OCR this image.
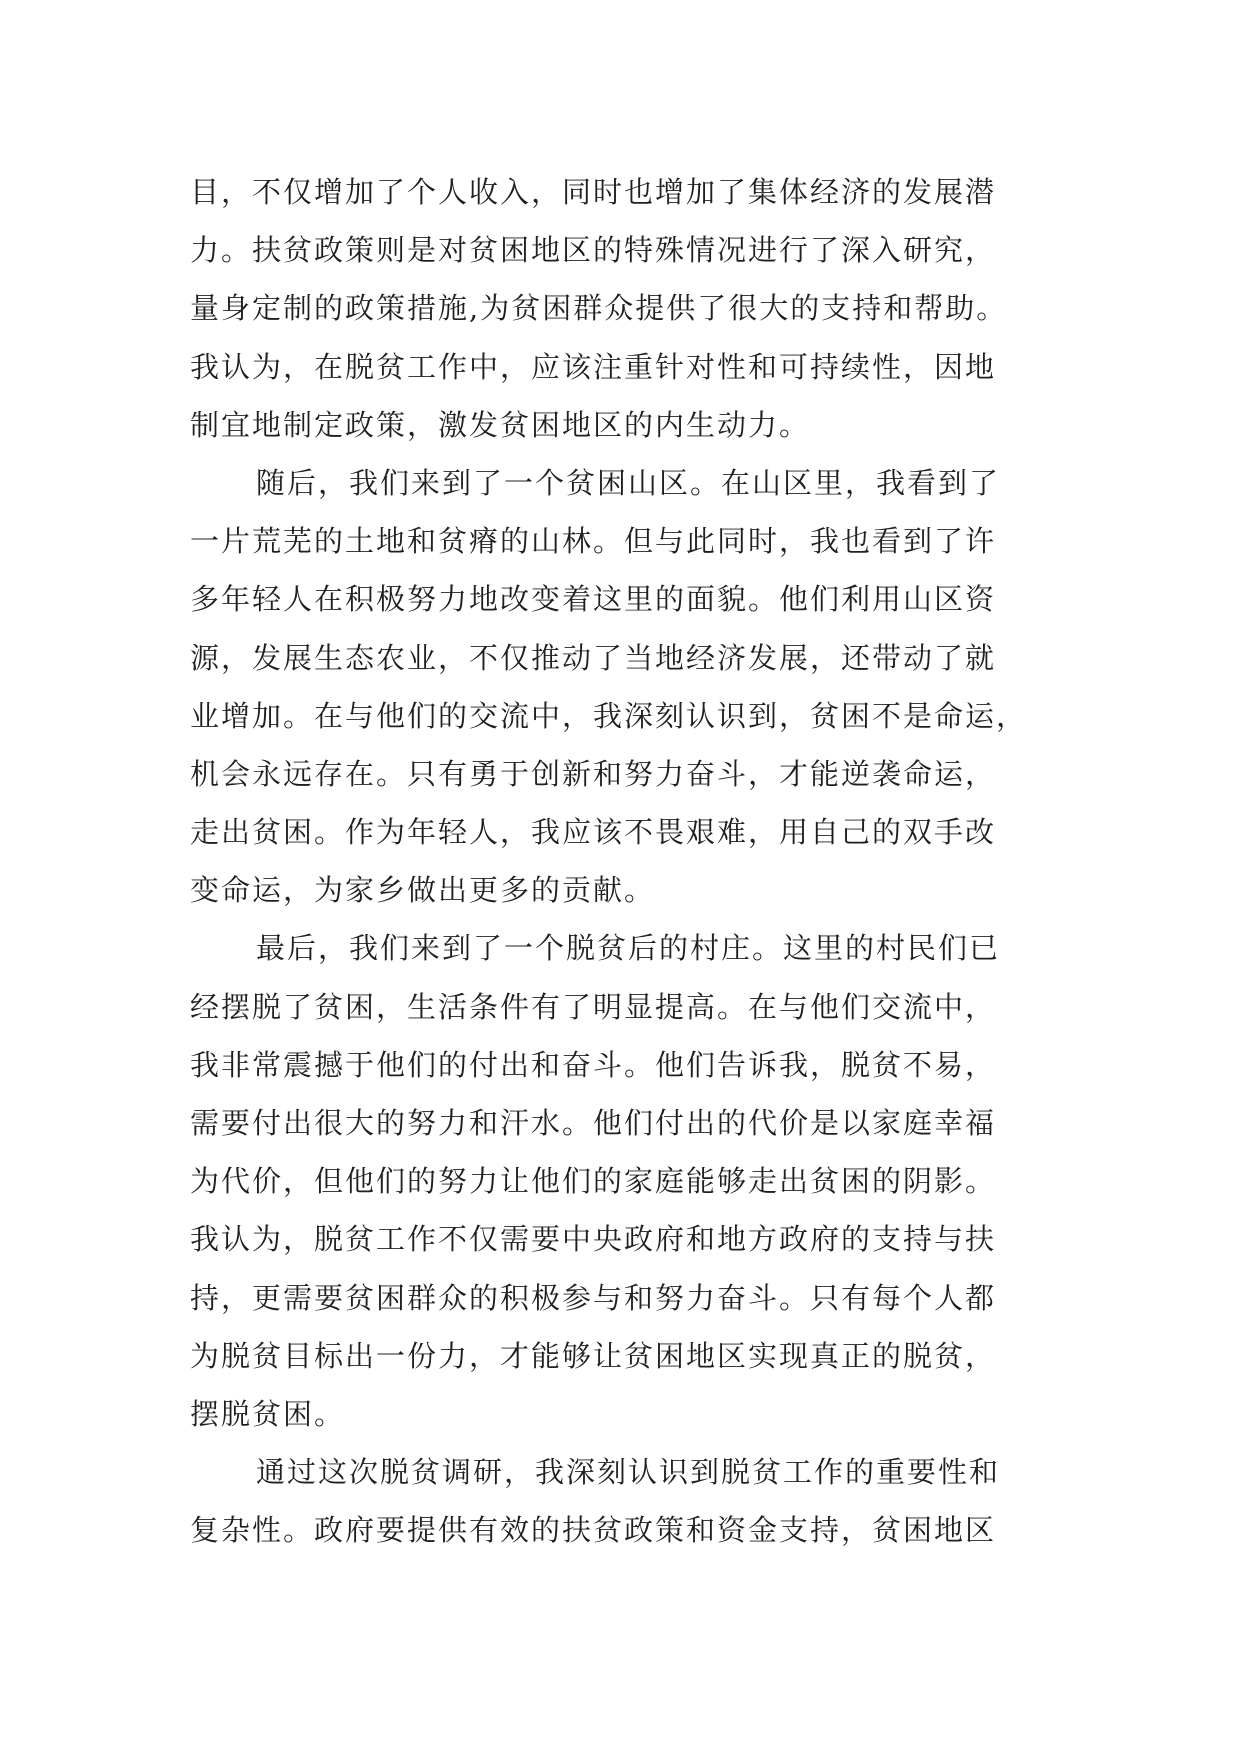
目，不仅增加了个人收入，同时也增加了集体经济的发展潜
力。扶贫政策则是对贫困地区的特殊情况进行了深入研究，
量身定制的政策措施,为贫困群众提供了很大的支持和帮助。
我认为，在脱贫工作中，应该注重针对性和可持续性，因地
制宜地制定政策，激发贫困地区的内生动力。
随后，我们来到了一个贫困山区。在山区里，我看到了
一片荒芜的土地和贫瘠的山林。但与此同时，我也看到了许
多年轻人在积极努力地改变着这里的面貌。他们利用山区资
源，发展生态农业，不仅推动了当地经济发展，还带动了就
业增加。在与他们的交流中，我深刻认识到，贫困不是命运，
机会永远存在。只有勇于创新和努力奋斗，才能逆袭命运，
走出贫困。作为年轻人，我应该不畏艰难，用自己的双手改
变命运，为家乡做出更多的贡献。
最后，我们来到了一个脱贫后的村庄。这里的村民们已
经摆脱了贫困，生活条件有了明显提高。在与他们交流中，
我非常震撼于他们的付出和奋斗。他们告诉我，脱贫不易，
需要付出很大的努力和汗水。他们付出的代价是以家庭幸福
为代价，但他们的努力让他们的家庭能够走出贫困的阴影。
我认为，脱贫工作不仅需要中央政府和地方政府的支持与扶
持，更需要贫困群众的积极参与和努力奋斗。只有每个人都
为脱贫目标出一份力，才能够让贫困地区实现真正的脱贫，
摆脱贫困。
通过这次脱贫调研，我深刻认识到脱贫工作的重要性和
复杂性。政府要提供有效的扶贫政策和资金支持，贫困地区
